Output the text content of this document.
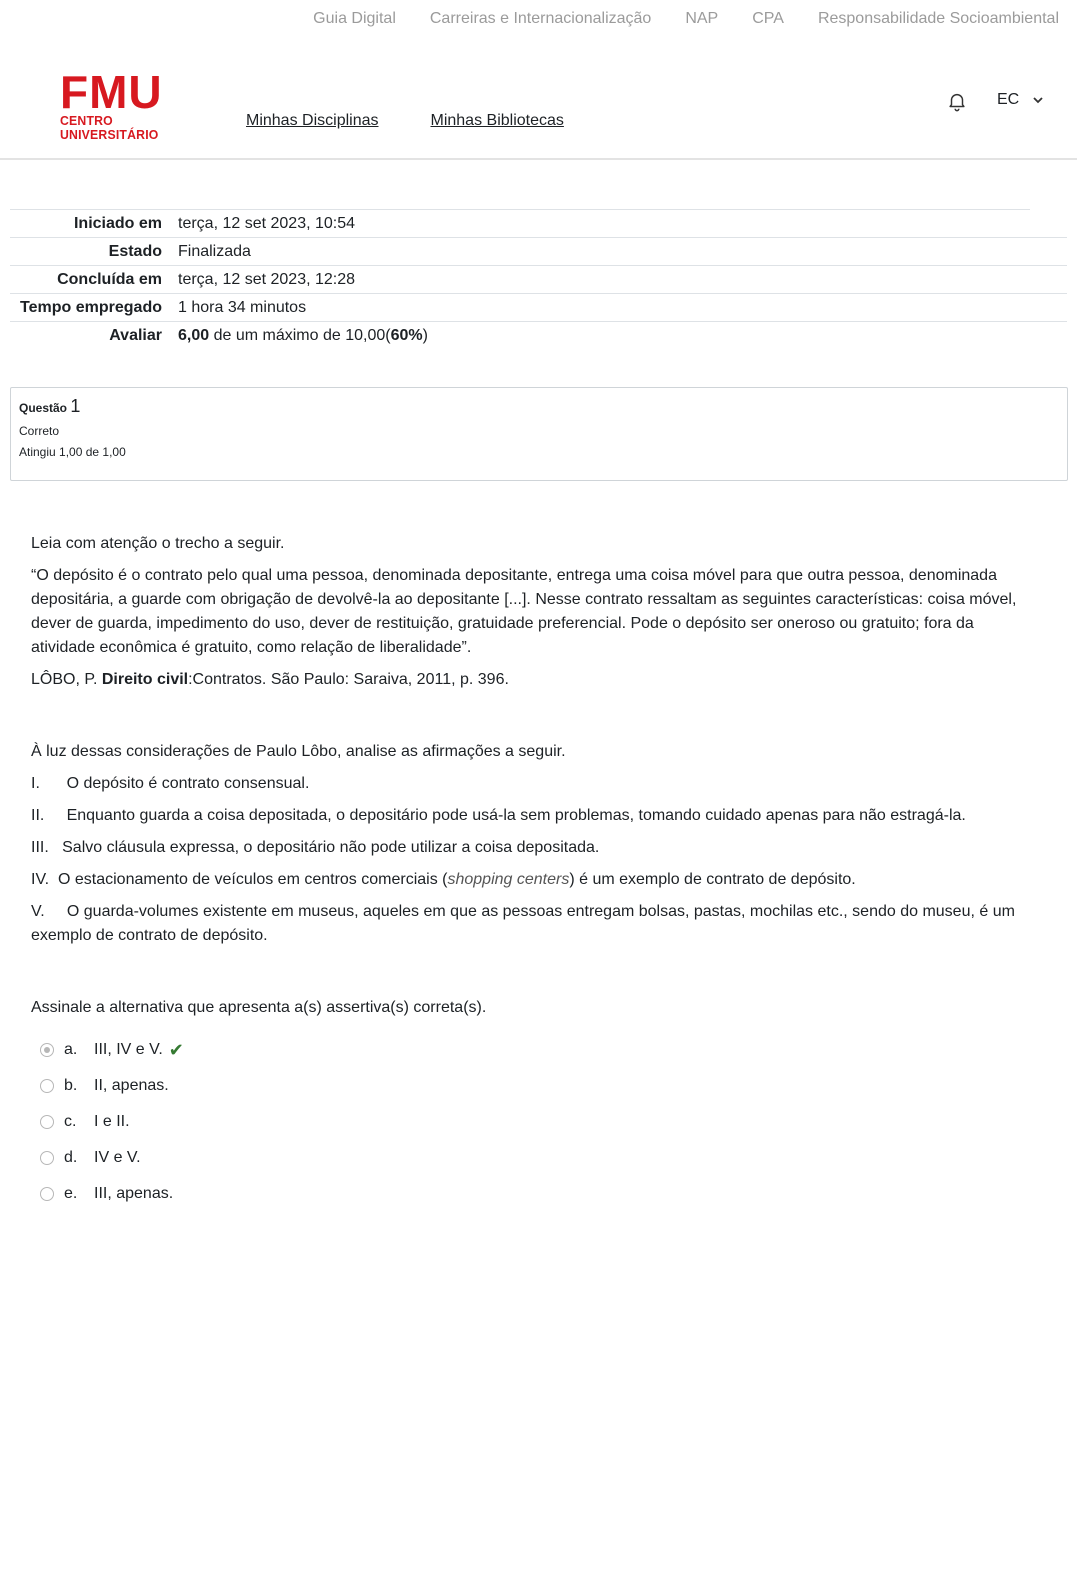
Guia Digital Carreiras e Internacionalização NAP CPA Responsabilidade Socioambiental
FMU
CENTRO UNIVERSITÁRIO
Minhas Disciplinas	Minhas Bibliotecas
EC
Iniciado em	terça, 12 set 2023, 10:54
Estado	Finalizada
Concluída em	terça, 12 set 2023, 12:28
Tempo empregado	1 hora 34 minutos
Avaliar	6,00 de um máximo de 10,00(60%)
Questão 1
Correto
Atingiu 1,00 de 1,00

Leia com atenção o trecho a seguir.

“O depósito é o contrato pelo qual uma pessoa, denominada depositante, entrega uma coisa móvel para que outra pessoa, denominada depositária, a guarde com obrigação de devolvê-la ao depositante [...]. Nesse contrato ressaltam as seguintes características: coisa móvel, dever de guarda, impedimento do uso, dever de restituição, gratuidade preferencial. Pode o depósito ser oneroso ou gratuito; fora da atividade econômica é gratuito, como relação de liberalidade”.

LÔBO, P. Direito civil:Contratos. São Paulo: Saraiva, 2011, p. 396.

À luz dessas considerações de Paulo Lôbo, analise as afirmações a seguir.

I.      O depósito é contrato consensual.

II.     Enquanto guarda a coisa depositada, o depositário pode usá-la sem problemas, tomando cuidado apenas para não estragá-la.

III.   Salvo cláusula expressa, o depositário não pode utilizar a coisa depositada.

IV.  O estacionamento de veículos em centros comerciais (shopping centers) é um exemplo de contrato de depósito.

V.     O guarda-volumes existente em museus, aqueles em que as pessoas entregam bolsas, pastas, mochilas etc., sendo do museu, é um exemplo de contrato de depósito.

Assinale a alternativa que apresenta a(s) assertiva(s) correta(s).

a.	III, IV e V. ✔
b.	II, apenas.
c.	I e II.
d.	IV e V.
e.	III, apenas.
